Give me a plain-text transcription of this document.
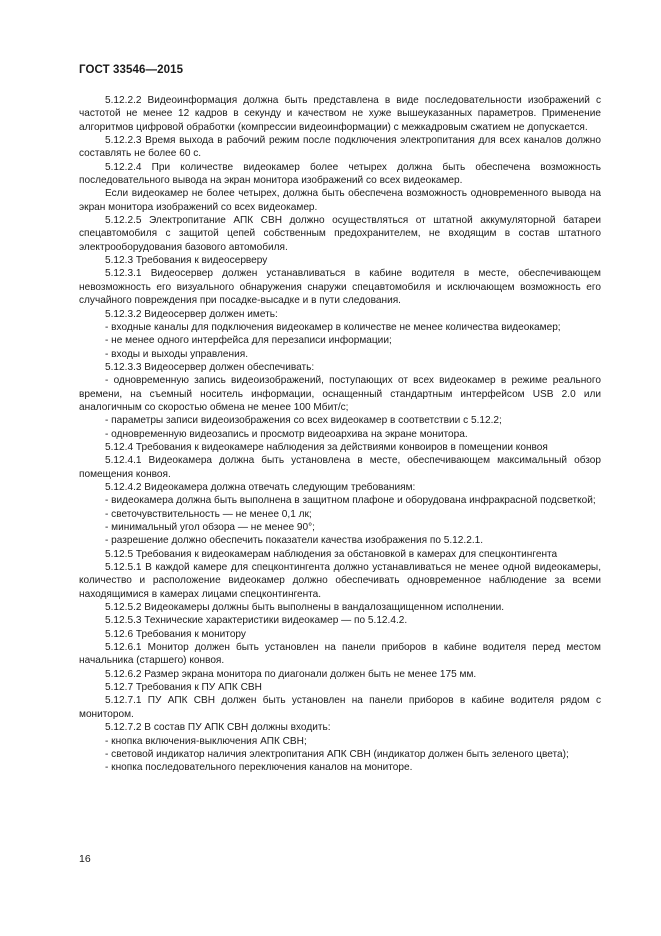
ГОСТ 33546—2015

5.12.2.2 Видеоинформация должна быть представлена в виде последовательности изображений с частотой не менее 12 кадров в секунду и качеством не хуже вышеуказанных параметров. Применение алгоритмов цифровой обработки (компрессии видеоинформации) с межкадровым сжатием не допускается.

5.12.2.3 Время выхода в рабочий режим после подключения электропитания для всех каналов должно составлять не более 60 с.

5.12.2.4 При количестве видеокамер более четырех должна быть обеспечена возможность последовательного вывода на экран монитора изображений со всех видеокамер.

Если видеокамер не более четырех, должна быть обеспечена возможность одновременного вывода на экран монитора изображений со всех видеокамер.

5.12.2.5 Электропитание АПК СВН должно осуществляться от штатной аккумуляторной батареи спецавтомобиля с защитой цепей собственным предохранителем, не входящим в состав штатного электрооборудования базового автомобиля.

5.12.3 Требования к видеосерверу

5.12.3.1 Видеосервер должен устанавливаться в кабине водителя в месте, обеспечивающем невозможность его визуального обнаружения снаружи спецавтомобиля и исключающем возможность его случайного повреждения при посадке-высадке и в пути следования.

5.12.3.2 Видеосервер должен иметь:

- входные каналы для подключения видеокамер в количестве не менее количества видеокамер;

- не менее одного интерфейса для перезаписи информации;

- входы и выходы управления.

5.12.3.3 Видеосервер должен обеспечивать:

- одновременную запись видеоизображений, поступающих от всех видеокамер в режиме реального времени, на съемный носитель информации, оснащенный стандартным интерфейсом USB 2.0 или аналогичным со скоростью обмена не менее 100 Мбит/с;

- параметры записи видеоизображения со всех видеокамер в соответствии с 5.12.2;

- одновременную видеозапись и просмотр видеоархива на экране монитора.

5.12.4 Требования к видеокамере наблюдения за действиями конвоиров в помещении конвоя

5.12.4.1 Видеокамера должна быть установлена в месте, обеспечивающем максимальный обзор помещения конвоя.

5.12.4.2 Видеокамера должна отвечать следующим требованиям:

- видеокамера должна быть выполнена в защитном плафоне и оборудована инфракрасной подсветкой;

- светочувствительность — не менее 0,1 лк;

- минимальный угол обзора — не менее 90°;

- разрешение должно обеспечить показатели качества изображения по 5.12.2.1.

5.12.5 Требования к видеокамерам наблюдения за обстановкой в камерах для спецконтингента

5.12.5.1 В каждой камере для спецконтингента должно устанавливаться не менее одной видеокамеры, количество и расположение видеокамер должно обеспечивать одновременное наблюдение за всеми находящимися в камерах лицами спецконтингента.

5.12.5.2 Видеокамеры должны быть выполнены в вандалозащищенном исполнении.

5.12.5.3 Технические характеристики видеокамер — по 5.12.4.2.

5.12.6 Требования к монитору

5.12.6.1 Монитор должен быть установлен на панели приборов в кабине водителя перед местом начальника (старшего) конвоя.

5.12.6.2 Размер экрана монитора по диагонали должен быть не менее 175 мм.

5.12.7 Требования к ПУ АПК СВН

5.12.7.1 ПУ АПК СВН должен быть установлен на панели приборов в кабине водителя рядом с монитором.

5.12.7.2 В состав ПУ АПК СВН должны входить:

- кнопка включения-выключения АПК СВН;

- световой индикатор наличия электропитания АПК СВН (индикатор должен быть зеленого цвета);

- кнопка последовательного переключения каналов на мониторе.

16
